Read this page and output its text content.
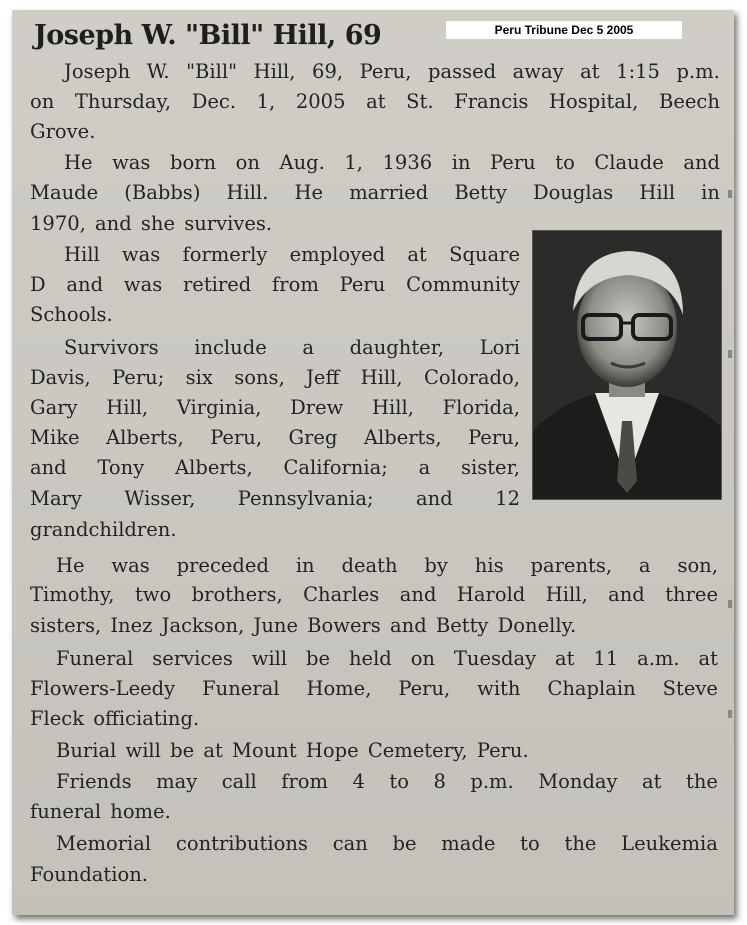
Joseph W. "Bill" Hill, 69	Peru Tribune Dec 5 2005
Joseph W. "Bill" Hill, 69, Peru, passed away at 1:15 p.m.
on Thursday, Dec. 1, 2005 at St. Francis Hospital, Beech
Grove.
He was born on Aug. 1, 1936 in Peru to Claude and
Maude (Babbs) Hill. He married Betty Douglas Hill in
1970, and she survives.
Hill was formerly employed at Square
D and was retired from Peru Community
Schools.
Survivors include a daughter, Lori
Davis, Peru; six sons, Jeff Hill, Colorado,
Gary Hill, Virginia, Drew Hill, Florida,
Mike Alberts, Peru, Greg Alberts, Peru,
and Tony Alberts, California; a sister,
Mary Wisser, Pennsylvania; and 12
grandchildren.
He was preceded in death by his parents, a son,
Timothy, two brothers, Charles and Harold Hill, and three
sisters, Inez Jackson, June Bowers and Betty Donelly.
Funeral services will be held on Tuesday at 11 a.m. at
Flowers-Leedy Funeral Home, Peru, with Chaplain Steve
Fleck officiating.
Burial will be at Mount Hope Cemetery, Peru.
Friends may call from 4 to 8 p.m. Monday at the
funeral home.
Memorial contributions can be made to the Leukemia
Foundation.
